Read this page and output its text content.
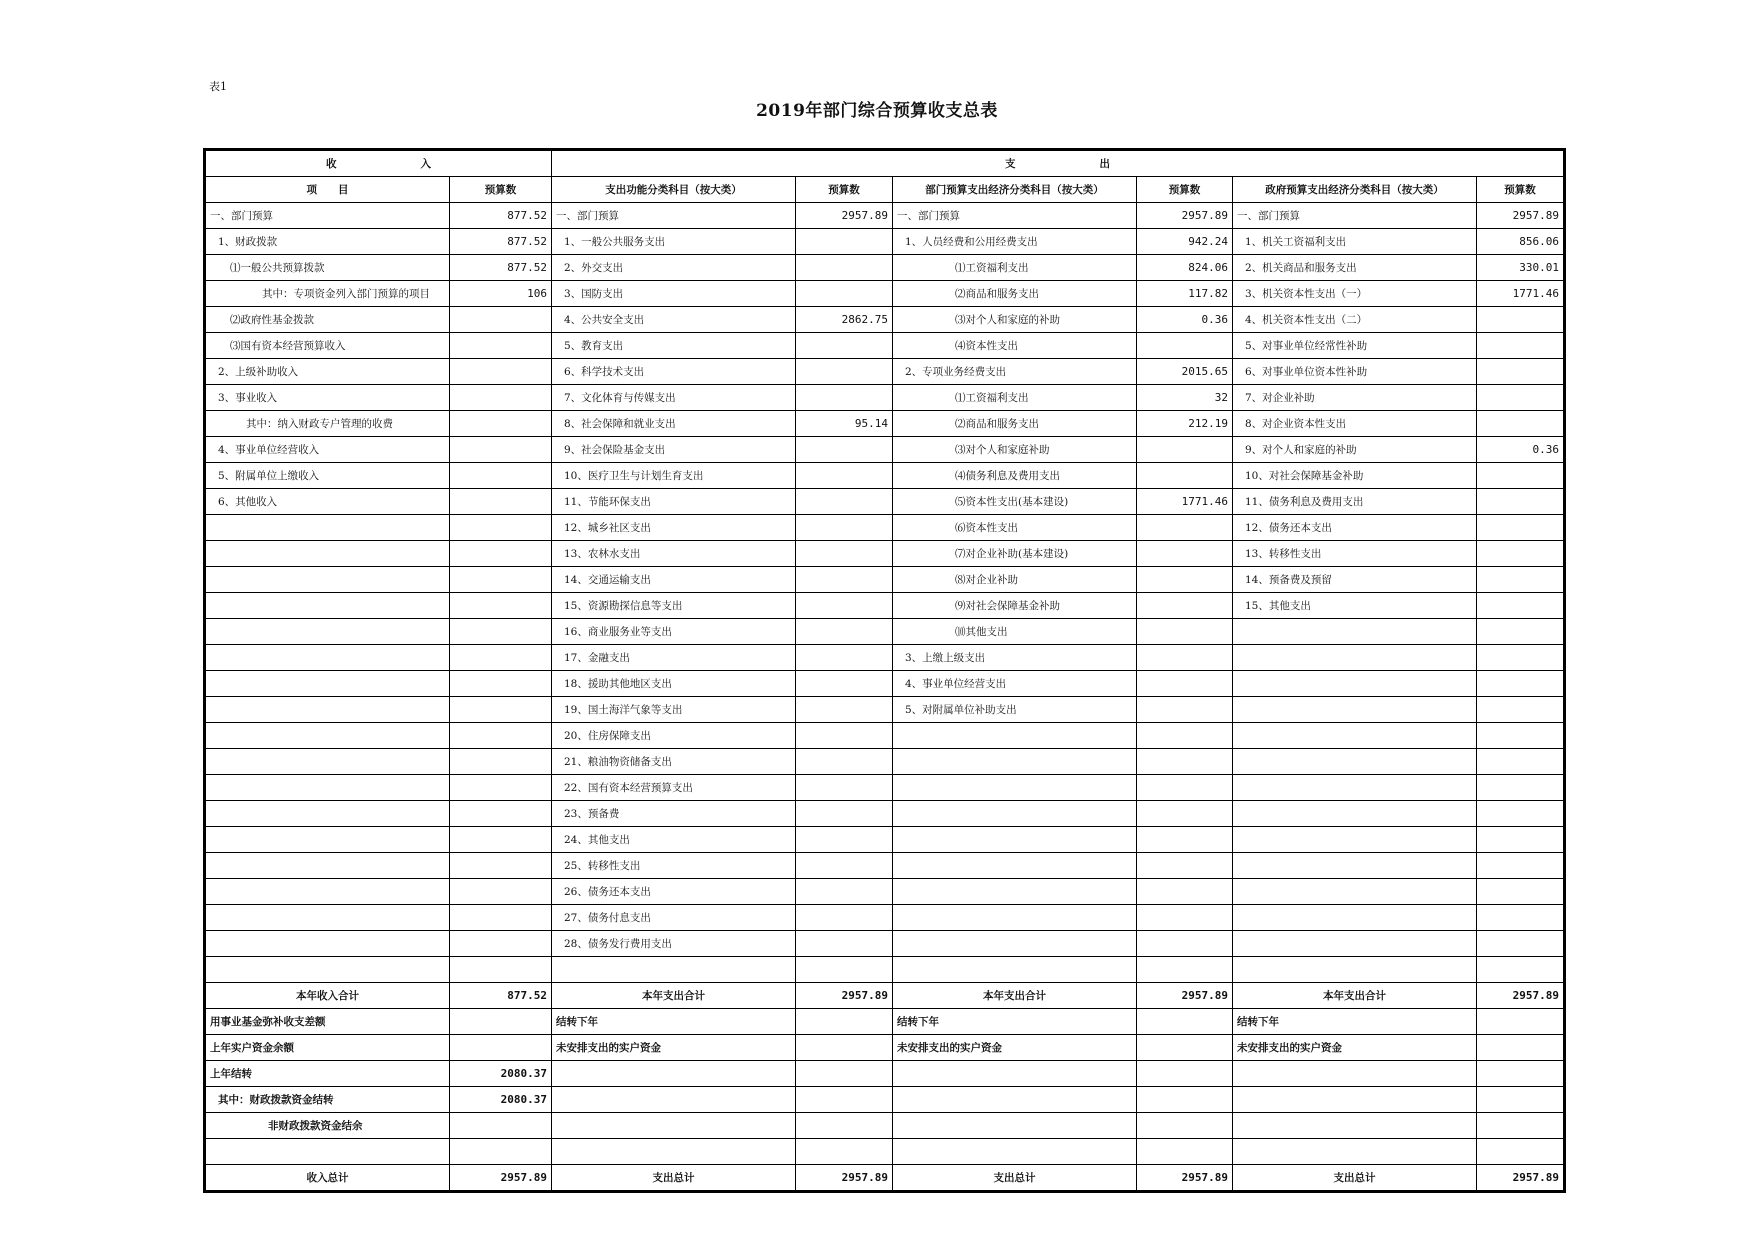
表1
2019年部门综合预算收支总表
收　　　　　　　　入		支　　　　　　　　出					
项　　目	预算数	支出功能分类科目（按大类）	预算数	部门预算支出经济分类科目（按大类）	预算数	政府预算支出经济分类科目（按大类）	预算数
一、部门预算	877.52	一、部门预算	2957.89	一、部门预算	2957.89	一、部门预算	2957.89
1、财政拨款	877.52	1、一般公共服务支出		1、人员经费和公用经费支出	942.24	1、机关工资福利支出	856.06
⑴一般公共预算拨款	877.52	2、外交支出		⑴工资福利支出	824.06	2、机关商品和服务支出	330.01
其中：专项资金列入部门预算的项目	106	3、国防支出		⑵商品和服务支出	117.82	3、机关资本性支出（一）	1771.46
⑵政府性基金拨款		4、公共安全支出	2862.75	⑶对个人和家庭的补助	0.36	4、机关资本性支出（二）	
⑶国有资本经营预算收入		5、教育支出		⑷资本性支出		5、对事业单位经常性补助	
2、上级补助收入		6、科学技术支出		2、专项业务经费支出	2015.65	6、对事业单位资本性补助	
3、事业收入		7、文化体育与传媒支出		⑴工资福利支出	32	7、对企业补助	
其中：纳入财政专户管理的收费		8、社会保障和就业支出	95.14	⑵商品和服务支出	212.19	8、对企业资本性支出	
4、事业单位经营收入		9、社会保险基金支出		⑶对个人和家庭补助		9、对个人和家庭的补助	0.36
5、附属单位上缴收入		10、医疗卫生与计划生育支出		⑷债务利息及费用支出		10、对社会保障基金补助	
6、其他收入		11、节能环保支出		⑸资本性支出(基本建设)	1771.46	11、债务利息及费用支出	
		12、城乡社区支出		⑹资本性支出		12、债务还本支出	
		13、农林水支出		⑺对企业补助(基本建设)		13、转移性支出	
		14、交通运输支出		⑻对企业补助		14、预备费及预留	
		15、资源勘探信息等支出		⑼对社会保障基金补助		15、其他支出	
		16、商业服务业等支出		⑽其他支出			
		17、金融支出		3、上缴上级支出			
		18、援助其他地区支出		4、事业单位经营支出			
		19、国土海洋气象等支出		5、对附属单位补助支出			
		20、住房保障支出					
		21、粮油物资储备支出					
		22、国有资本经营预算支出					
		23、预备费					
		24、其他支出					
		25、转移性支出					
		26、债务还本支出					
		27、债务付息支出					
		28、债务发行费用支出					

本年收入合计	877.52	本年支出合计	2957.89	本年支出合计	2957.89	本年支出合计	2957.89
用事业基金弥补收支差额		结转下年		结转下年		结转下年	
上年实户资金余额		未安排支出的实户资金		未安排支出的实户资金		未安排支出的实户资金	
上年结转	2080.37						
其中：财政拨款资金结转	2080.37						
非财政拨款资金结余							

收入总计	2957.89	支出总计	2957.89	支出总计	2957.89	支出总计	2957.89
